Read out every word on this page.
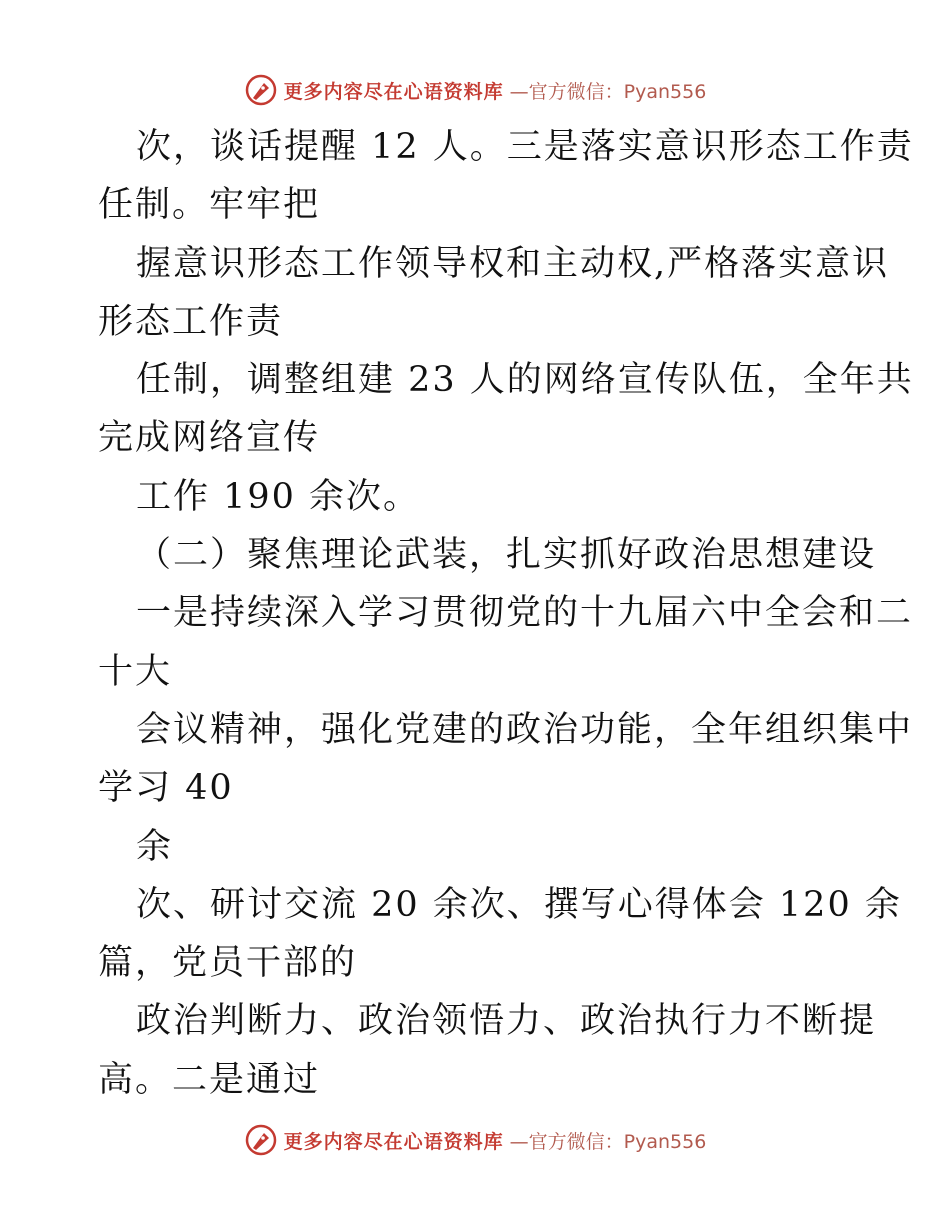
更多内容尽在心语资料库 —官方微信：Pyan556
次，谈话提醒 12 人。三是落实意识形态工作责
任制。牢牢把
握意识形态工作领导权和主动权,严格落实意识
形态工作责
任制，调整组建 23 人的网络宣传队伍，全年共
完成网络宣传
工作 190 余次。
（二）聚焦理论武装，扎实抓好政治思想建设
一是持续深入学习贯彻党的十九届六中全会和二
十大
会议精神，强化党建的政治功能，全年组织集中
学习 40
余
次、研讨交流 20 余次、撰写心得体会 120 余
篇，党员干部的
政治判断力、政治领悟力、政治执行力不断提
高。二是通过
更多内容尽在心语资料库 —官方微信：Pyan556
